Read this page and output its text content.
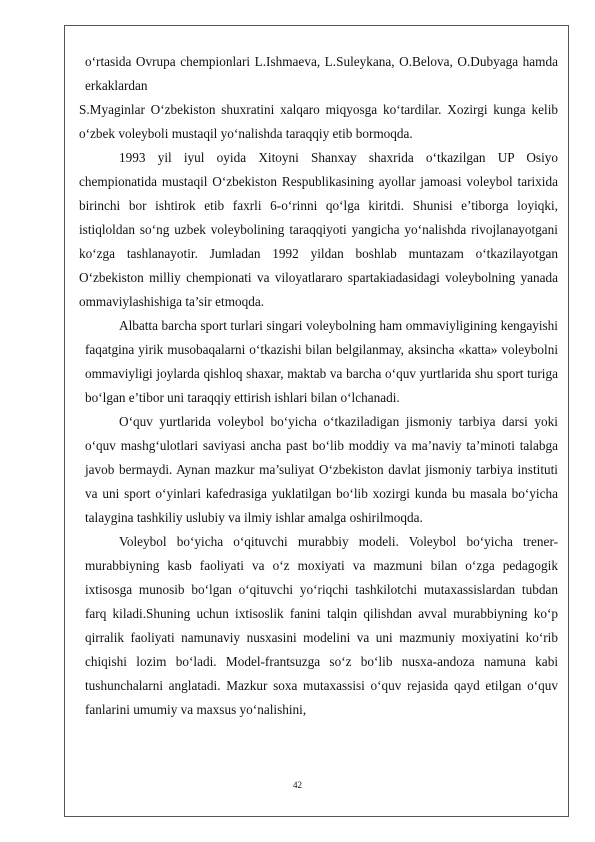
o‘rtasida Ovrupa chempionlari L.Ishmaeva, L.Suleykana, O.Belova, O.Dubyaga hamda erkaklardan

S.Myaginlar O‘zbekiston shuxratini xalqaro miqyosga ko‘tardilar. Xozirgi kunga kelib o‘zbek voleyboli mustaqil yo‘nalishda taraqqiy etib bormoqda.

1993 yil iyul oyida Xitoyni Shanxay shaxrida o‘tkazilgan UP Osiyo chempionatida mustaqil O‘zbekiston Respublikasining ayollar jamoasi voleybol tarixida birinchi bor ishtirok etib faxrli 6-o‘rinni qo‘lga kiritdi. Shunisi e’tiborga loyiqki, istiqloldan so‘ng uzbek voleybolining taraqqiyoti yangicha yo‘nalishda rivojlanayotgani ko‘zga tashlanayotir. Jumladan 1992 yildan boshlab muntazam o‘tkazilayotgan O‘zbekiston milliy chempionati va viloyatlararo spartakiadasidagi voleybolning yanada ommaviylashishiga ta’sir etmoqda.

Albatta barcha sport turlari singari voleybolning ham ommaviyligining kengayishi faqatgina yirik musobaqalarni o‘tkazishi bilan belgilanmay, aksincha «katta» voleybolni ommaviyligi joylarda qishloq shaxar, maktab va barcha o‘quv yurtlarida shu sport turiga bo‘lgan e’tibor uni taraqqiy ettirish ishlari bilan o‘lchanadi.

O‘quv yurtlarida voleybol bo‘yicha o‘tkaziladigan jismoniy tarbiya darsi yoki o‘quv mashg‘ulotlari saviyasi ancha past bo‘lib moddiy va ma’naviy ta’minoti talabga javob bermaydi. Aynan mazkur ma’suliyat O‘zbekiston davlat jismoniy tarbiya instituti va uni sport o‘yinlari kafedrasiga yuklatilgan bo‘lib xozirgi kunda bu masala bo‘yicha talaygina tashkiliy uslubiy va ilmiy ishlar amalga oshirilmoqda.

Voleybol bo‘yicha o‘qituvchi murabbiy modeli. Voleybol bo‘yicha trener-murabbiyning kasb faoliyati va o‘z moxiyati va mazmuni bilan o‘zga pedagogik ixtisosga munosib bo‘lgan o‘qituvchi yo‘riqchi tashkilotchi mutaxassislardan tubdan farq kiladi.Shuning uchun ixtisoslik fanini talqin qilishdan avval murabbiyning ko‘p qirralik faoliyati namunaviy nusxasini modelini va uni mazmuniy moxiyatini ko‘rib chiqishi lozim bo‘ladi. Model-frantsuzga so‘z bo‘lib nusxa-andoza namuna kabi tushunchalarni anglatadi. Mazkur soxa mutaxassisi o‘quv rejasida qayd etilgan o‘quv fanlarini umumiy va maxsus yo‘nalishini,

42
